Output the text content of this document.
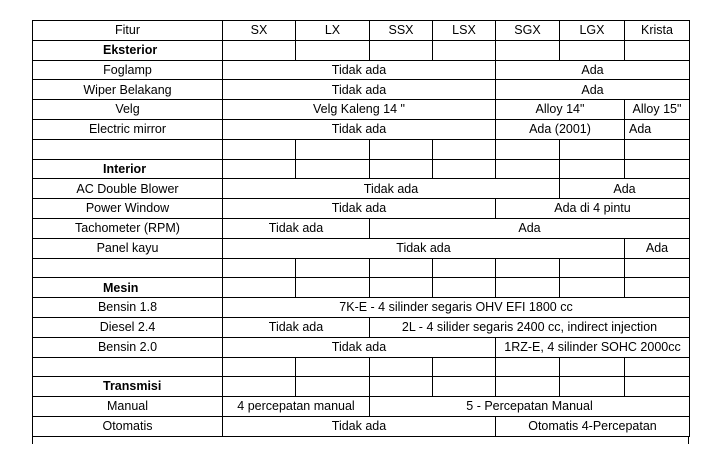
Fitur	SX	LX	SSX	LSX	SGX	LGX	Krista
Eksterior							
Foglamp	Tidak ada				Ada		
Wiper Belakang	Tidak ada				Ada		
Velg	Velg Kaleng 14 "				Alloy 14"		Alloy 15"
Electric mirror	Tidak ada				Ada (2001)		Ada

Interior							
AC Double Blower	Tidak ada					Ada	
Power Window	Tidak ada				Ada di 4 pintu		
Tachometer (RPM)	Tidak ada		Ada				
Panel kayu	Tidak ada						Ada

Mesin							
Bensin 1.8	7K-E - 4 silinder segaris OHV EFI 1800 cc						
Diesel 2.4	Tidak ada		2L - 4 silider segaris 2400 cc, indirect injection				
Bensin 2.0	Tidak ada				1RZ-E, 4 silinder SOHC 2000cc		

Transmisi							
Manual	4 percepatan manual		5 - Percepatan Manual				
Otomatis	Tidak ada				Otomatis 4-Percepatan		
